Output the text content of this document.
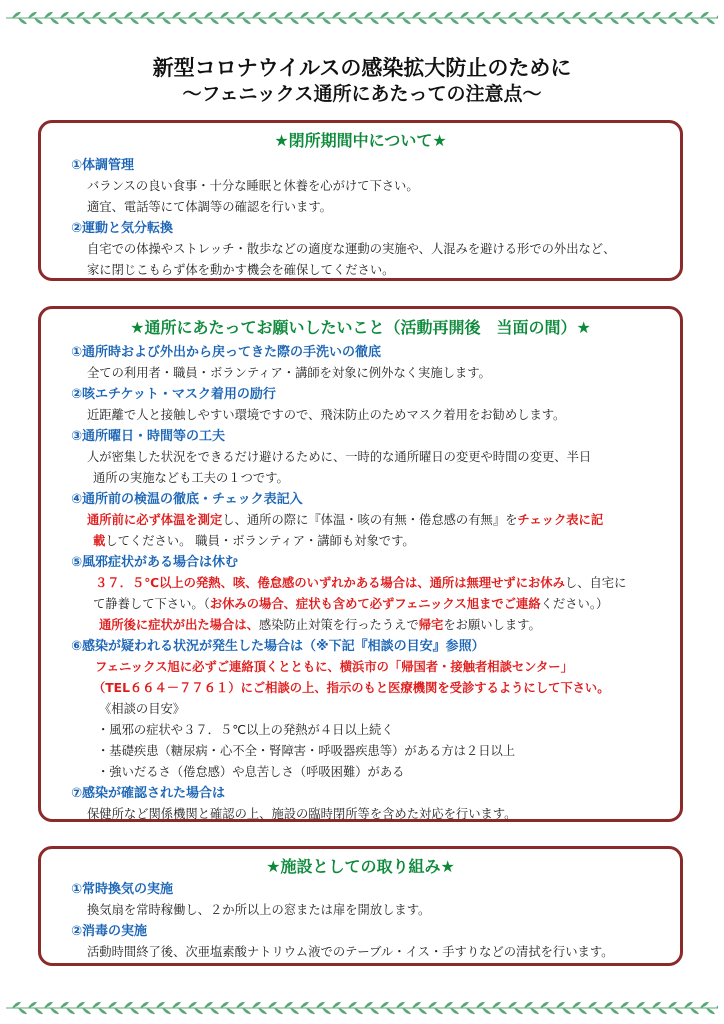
新型コロナウイルスの感染拡大防止のために
～フェニックス通所にあたっての注意点～
★閉所期間中について★
①体調管理
バランスの良い食事・十分な睡眠と休養を心がけて下さい。
適宜、電話等にて体調等の確認を行います。
②運動と気分転換
自宅での体操やストレッチ・散歩などの適度な運動の実施や、人混みを避ける形での外出など、
家に閉じこもらず体を動かす機会を確保してください。
★通所にあたってお願いしたいこと（活動再開後　当面の間）★
①通所時および外出から戻ってきた際の手洗いの徹底
全ての利用者・職員・ボランティア・講師を対象に例外なく実施します。
②咳エチケット・マスク着用の励行
近距離で人と接触しやすい環境ですので、飛沫防止のためマスク着用をお勧めします。
③通所曜日・時間等の工夫
人が密集した状況をできるだけ避けるために、一時的な通所曜日の変更や時間の変更、半日
通所の実施なども工夫の１つです。
④通所前の検温の徹底・チェック表記入
通所前に必ず体温を測定し、通所の際に『体温・咳の有無・倦怠感の有無』をチェック表に記
載してください。 職員・ボランティア・講師も対象です。
⑤風邪症状がある場合は休む
３７．５℃以上の発熱、咳、倦怠感のいずれかある場合は、通所は無理せずにお休みし、自宅に
て静養して下さい。（お休みの場合、症状も含めて必ずフェニックス旭までご連絡ください。）
通所後に症状が出た場合は、感染防止対策を行ったうえで帰宅をお願いします。
⑥感染が疑われる状況が発生した場合は（※下記『相談の目安』参照）
フェニックス旭に必ずご連絡頂くとともに、横浜市の「帰国者・接触者相談センター」
（TEL６６４－７７６１）にご相談の上、指示のもと医療機関を受診するようにして下さい。
《相談の目安》
・風邪の症状や３７．５℃以上の発熱が４日以上続く
・基礎疾患（糖尿病・心不全・腎障害・呼吸器疾患等）がある方は２日以上
・強いだるさ（倦怠感）や息苦しさ（呼吸困難）がある
⑦感染が確認された場合は
保健所など関係機関と確認の上、施設の臨時閉所等を含めた対応を行います。
★施設としての取り組み★
①常時換気の実施
換気扇を常時稼働し、２か所以上の窓または扉を開放します。
②消毒の実施
活動時間終了後、次亜塩素酸ナトリウム液でのテーブル・イス・手すりなどの清拭を行います。
